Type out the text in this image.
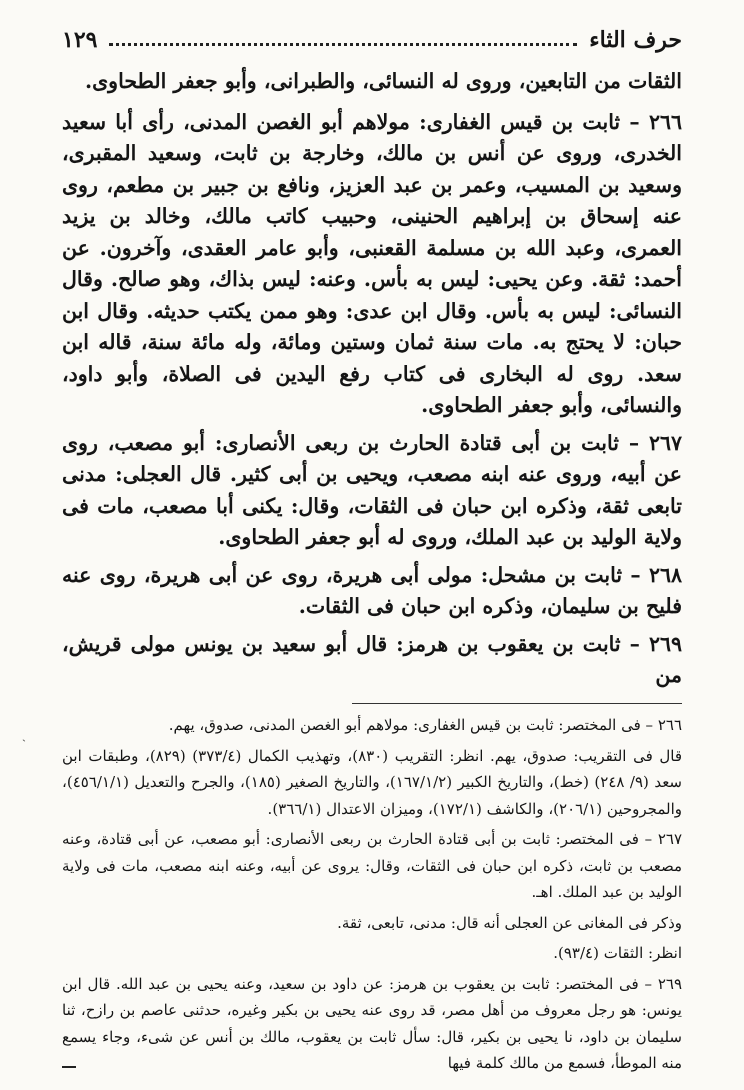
حرف الثاء
١٢٩

الثقات من التابعين، وروى له النسائى، والطبرانى، وأبو جعفر الطحاوى.

٢٦٦ – ثابت بن قيس الغفارى: مولاهم أبو الغصن المدنى، رأى أبا سعيد الخدرى، وروى عن أنس بن مالك، وخارجة بن ثابت، وسعيد المقبرى، وسعيد بن المسيب، وعمر بن عبد العزيز، ونافع بن جبير بن مطعم، روى عنه إسحاق بن إبراهيم الحنينى، وحبيب كاتب مالك، وخالد بن يزيد العمرى، وعبد الله بن مسلمة القعنبى، وأبو عامر العقدى، وآخرون. عن أحمد: ثقة. وعن يحيى: ليس به بأس. وعنه: ليس بذاك، وهو صالح. وقال النسائى: ليس به بأس. وقال ابن عدى: وهو ممن يكتب حديثه. وقال ابن حبان: لا يحتج به. مات سنة ثمان وستين ومائة، وله مائة سنة، قاله ابن سعد. روى له البخارى فى كتاب رفع اليدين فى الصلاة، وأبو داود، والنسائى، وأبو جعفر الطحاوى.

٢٦٧ – ثابت بن أبى قتادة الحارث بن ربعى الأنصارى: أبو مصعب، روى عن أبيه، وروى عنه ابنه مصعب، ويحيى بن أبى كثير. قال العجلى: مدنى تابعى ثقة، وذكره ابن حبان فى الثقات، وقال: يكنى أبا مصعب، مات فى ولاية الوليد بن عبد الملك، وروى له أبو جعفر الطحاوى.

٢٦٨ – ثابت بن مشحل: مولى أبى هريرة، روى عن أبى هريرة، روى عنه فليح بن سليمان، وذكره ابن حبان فى الثقات.

٢٦٩ – ثابت بن يعقوب بن هرمز: قال أبو سعيد بن يونس مولى قريش، من

ˏ

٢٦٦ – فى المختصر: ثابت بن قيس الغفارى: مولاهم أبو الغصن المدنى، صدوق، يهم.

قال فى التقريب: صدوق، يهم. انظر: التقريب (٨٣٠)، وتهذيب الكمال (٣٧٣/٤) (٨٢٩)، وطبقات ابن سعد (٩/ ٢٤٨) (خط)، والتاريخ الكبير (١٦٧/١/٢)، والتاريخ الصغير (١٨٥)، والجرح والتعديل (٤٥٦/١/١)، والمجروحين (٢٠٦/١)، والكاشف (١٧٢/١)، وميزان الاعتدال (٣٦٦/١).

٢٦٧ – فى المختصر: ثابت بن أبى قتادة الحارث بن ربعى الأنصارى: أبو مصعب، عن أبى قتادة، وعنه مصعب بن ثابت، ذكره ابن حبان فى الثقات، وقال: يروى عن أبيه، وعنه ابنه مصعب، مات فى ولاية الوليد بن عبد الملك. اهـ.

وذكر فى المغانى عن العجلى أنه قال: مدنى، تابعى، ثقة.

انظر: الثقات (٩٣/٤).

٢٦٩ – فى المختصر: ثابت بن يعقوب بن هرمز: عن داود بن سعيد، وعنه يحيى بن عبد الله. قال ابن يونس: هو رجل معروف من أهل مصر، قد روى عنه يحيى بن بكير وغيره، حدثنى عاصم بن رازح، ثنا سليمان بن داود، نا يحيى بن بكير، قال: سأل ثابت بن يعقوب، مالك بن أنس عن شىء، وجاء يسمع منه الموطأ، فسمع من مالك كلمة فيها
